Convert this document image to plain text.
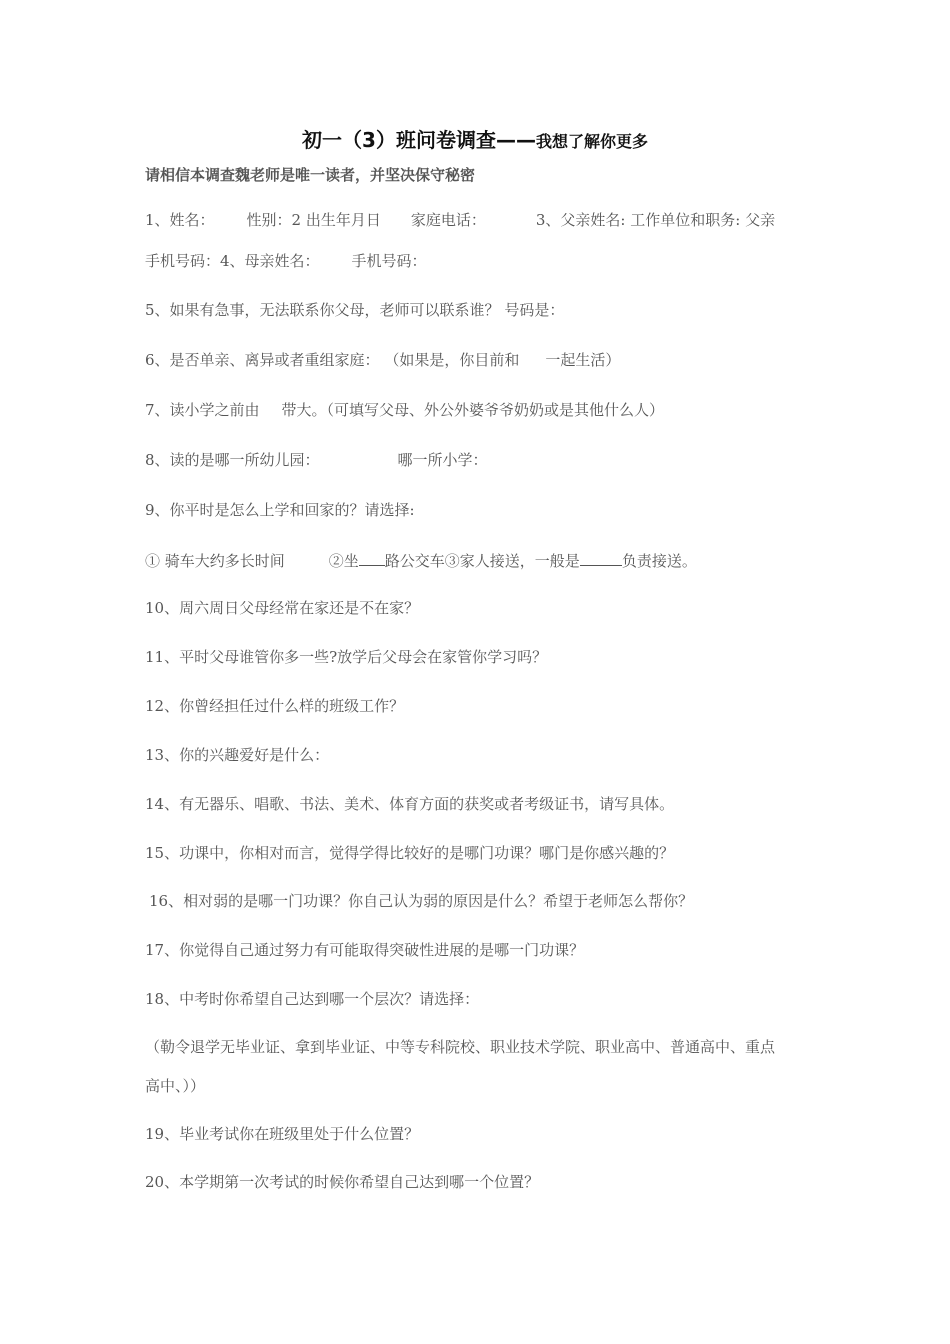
初一（3）班问卷调查——我想了解你更多
请相信本调查魏老师是唯一读者，并坚决保守秘密
1、姓名： 性别：2 出生年月日 家庭电话：	3、父亲姓名: 工作单位和职务: 父亲
手机号码：4、母亲姓名： 手机号码：
5、如果有急事，无法联系你父母，老师可以联系谁？ 号码是：
6、是否单亲、离异或者重组家庭： （如果是，你目前和 一起生活）
7、读小学之前由 带大。（可填写父母、外公外婆爷爷奶奶或是其他什么人）
8、读的是哪一所幼儿园：	哪一所小学：
9、你平时是怎么上学和回家的？请选择:
① 骑车大约多长时间	②坐 路公交车③家人接送，一般是	负责接送。
10、周六周日父母经常在家还是不在家？
11、平时父母谁管你多一些?放学后父母会在家管你学习吗？
12、你曾经担任过什么样的班级工作？
13、你的兴趣爱好是什么：
14、有无器乐、唱歌、书法、美术、体育方面的获奖或者考级证书，请写具体。
15、功课中，你相对而言，觉得学得比较好的是哪门功课？哪门是你感兴趣的？
16、相对弱的是哪一门功课？你自己认为弱的原因是什么？希望于老师怎么帮你？
17、你觉得自己通过努力有可能取得突破性进展的是哪一门功课？
18、中考时你希望自己达到哪一个层次？请选择：
（勒令退学无毕业证、拿到毕业证、中等专科院校、职业技术学院、职业高中、普通高中、重点
高中、））
19、毕业考试你在班级里处于什么位置？
20、本学期第一次考试的时候你希望自己达到哪一个位置？
